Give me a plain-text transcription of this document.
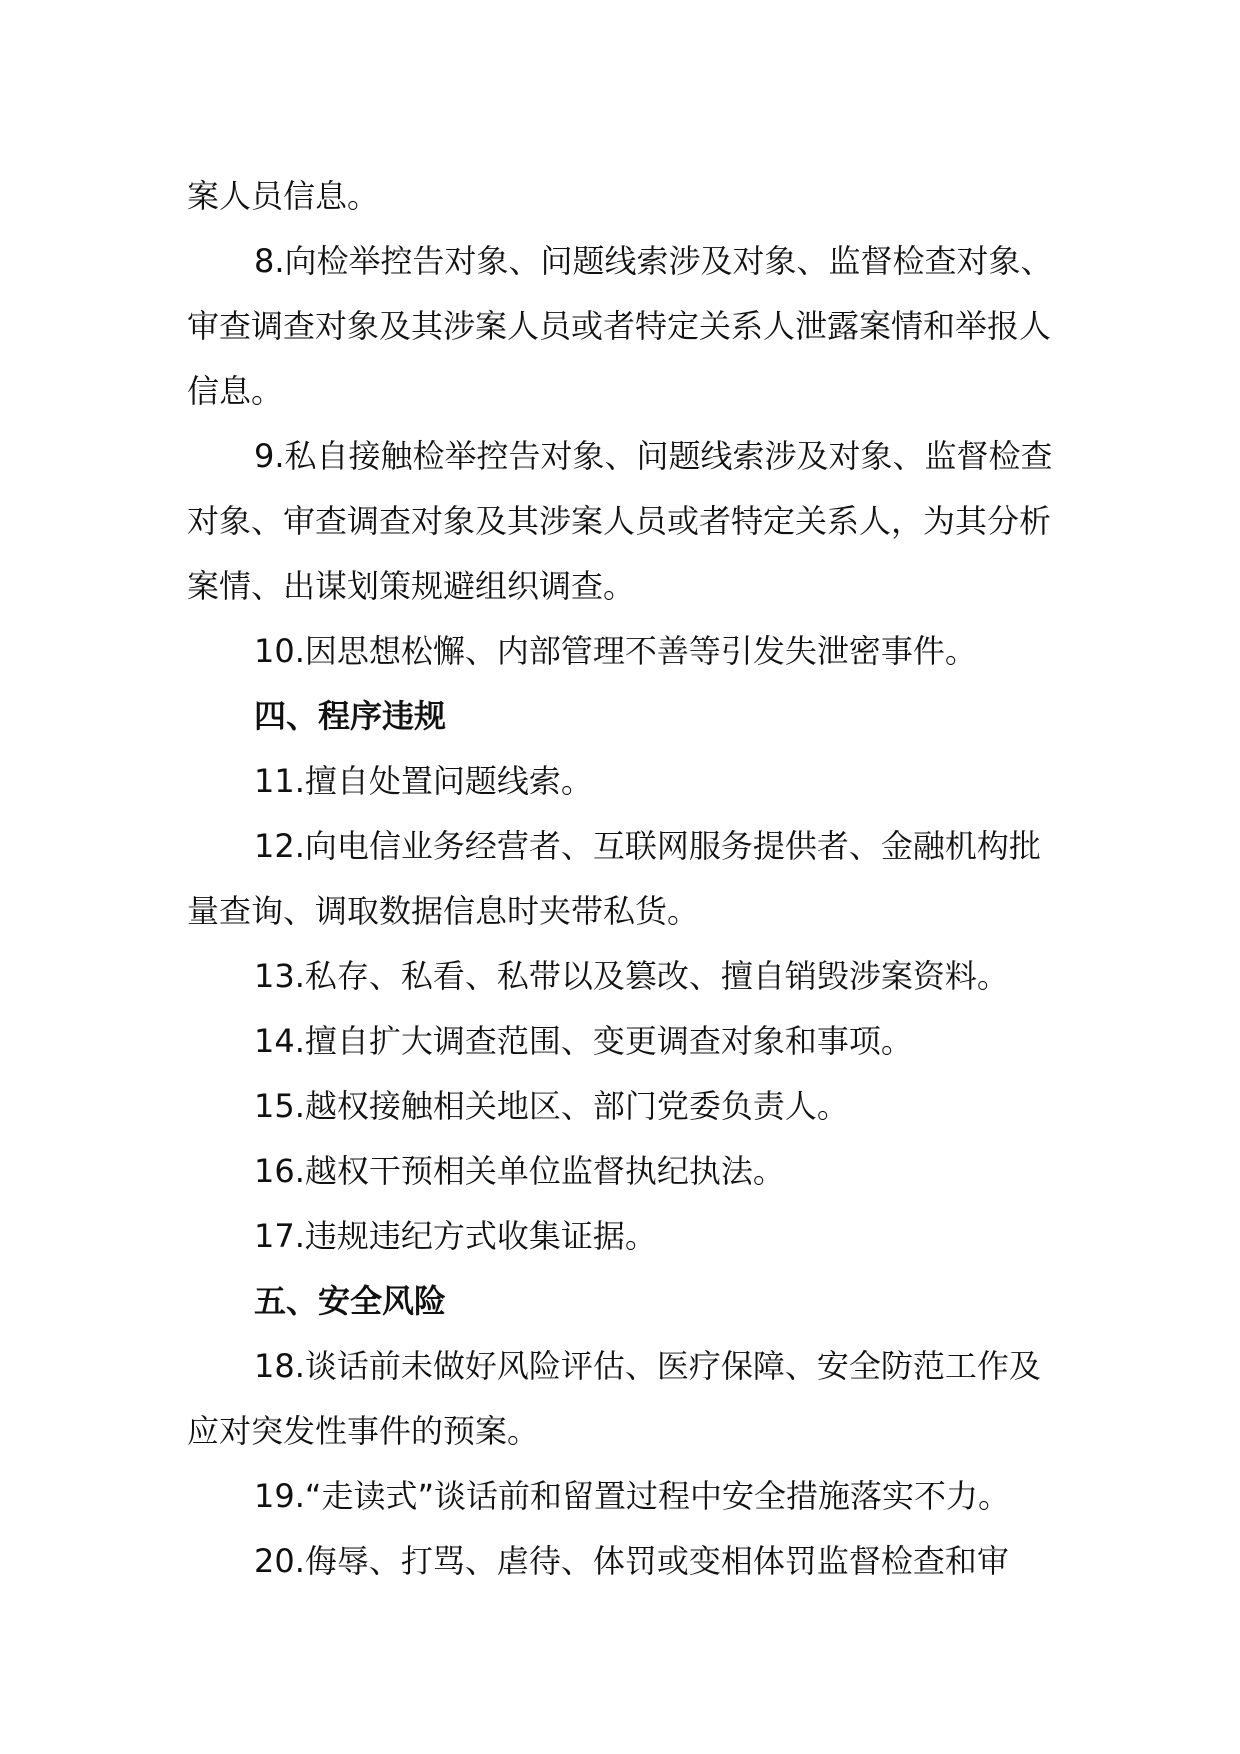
案人员信息。

8.向检举控告对象、问题线索涉及对象、监督检查对象、审查调查对象及其涉案人员或者特定关系人泄露案情和举报人信息。

9.私自接触检举控告对象、问题线索涉及对象、监督检查对象、审查调查对象及其涉案人员或者特定关系人，为其分析案情、出谋划策规避组织调查。

10.因思想松懈、内部管理不善等引发失泄密事件。

四、程序违规

11.擅自处置问题线索。

12.向电信业务经营者、互联网服务提供者、金融机构批量查询、调取数据信息时夹带私货。

13.私存、私看、私带以及篡改、擅自销毁涉案资料。

14.擅自扩大调查范围、变更调查对象和事项。

15.越权接触相关地区、部门党委负责人。

16.越权干预相关单位监督执纪执法。

17.违规违纪方式收集证据。

五、安全风险

18.谈话前未做好风险评估、医疗保障、安全防范工作及应对突发性事件的预案。

19.“走读式”谈话前和留置过程中安全措施落实不力。

20.侮辱、打骂、虐待、体罚或变相体罚监督检查和审
